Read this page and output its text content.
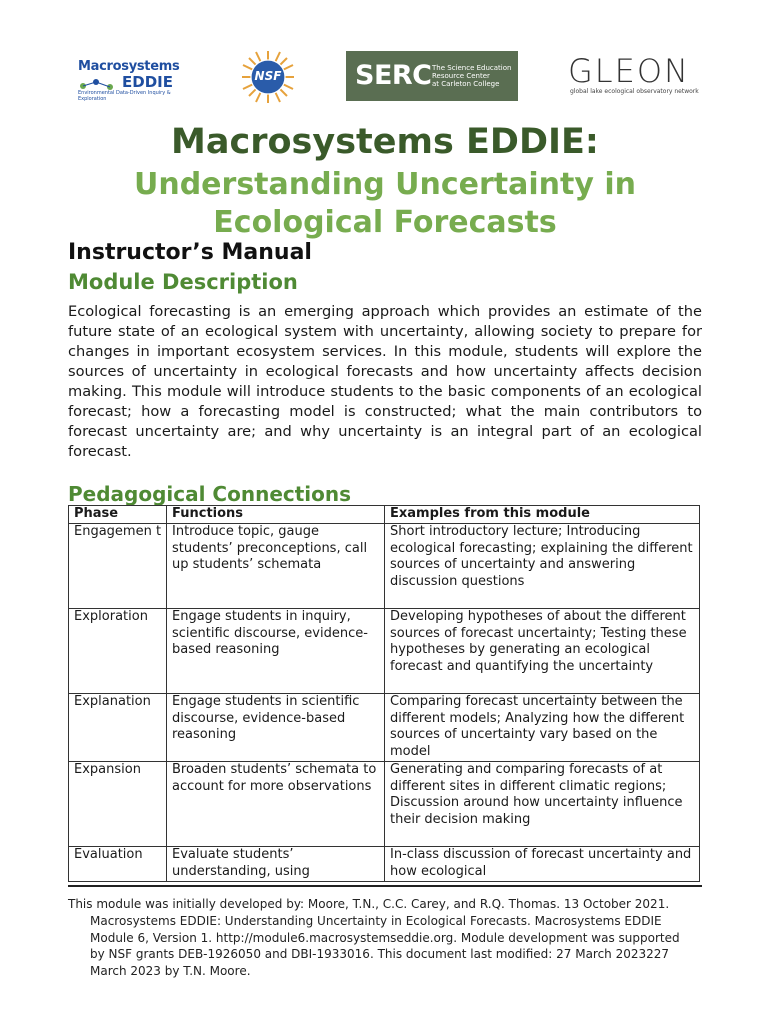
Macrosystems
EDDIE
Environmental Data-Driven Inquiry & Exploration
NSF	SERC The Science Education
Resource Center
at Carleton College	GLEON
global lake ecological observatory network
Macrosystems EDDIE:
Understanding Uncertainty in
Ecological Forecasts
Instructor’s Manual
Module Description
Ecological forecasting is an emerging approach which provides an estimate of the future state of an ecological system with uncertainty, allowing society to prepare for changes in important ecosystem services. In this module, students will explore the sources of uncertainty in ecological forecasts and how uncertainty affects decision making. This module will introduce students to the basic components of an ecological forecast; how a forecasting model is constructed; what the main contributors to forecast uncertainty are; and why uncertainty is an integral part of an ecological forecast.
Pedagogical Connections
Phase	Functions	Examples from this module
Engagemen t	Introduce topic, gauge students’ preconceptions, call up students’ schemata	Short introductory lecture; Introducing ecological forecasting; explaining the different sources of uncertainty and answering discussion questions
Exploration	Engage students in inquiry, scientific discourse, evidence-based reasoning	Developing hypotheses of about the different sources of forecast uncertainty; Testing these hypotheses by generating an ecological forecast and quantifying the uncertainty
Explanation	Engage students in scientific discourse, evidence-based reasoning	Comparing forecast uncertainty between the different models; Analyzing how the different sources of uncertainty vary based on the model
Expansion	Broaden students’ schemata to account for more observations	Generating and comparing forecasts of at different sites in different climatic regions; Discussion around how uncertainty influence their decision making
Evaluation	Evaluate students’ understanding, using	In-class discussion of forecast uncertainty and how ecological
This module was initially developed by: Moore, T.N., C.C. Carey, and R.Q. Thomas. 13 October 2021. Macrosystems EDDIE: Understanding Uncertainty in Ecological Forecasts. Macrosystems EDDIE Module 6, Version 1. http://module6.macrosystemseddie.org. Module development was supported by NSF grants DEB-1926050 and DBI-1933016. This document last modified: 27 March 2023227 March 2023 by T.N. Moore.
